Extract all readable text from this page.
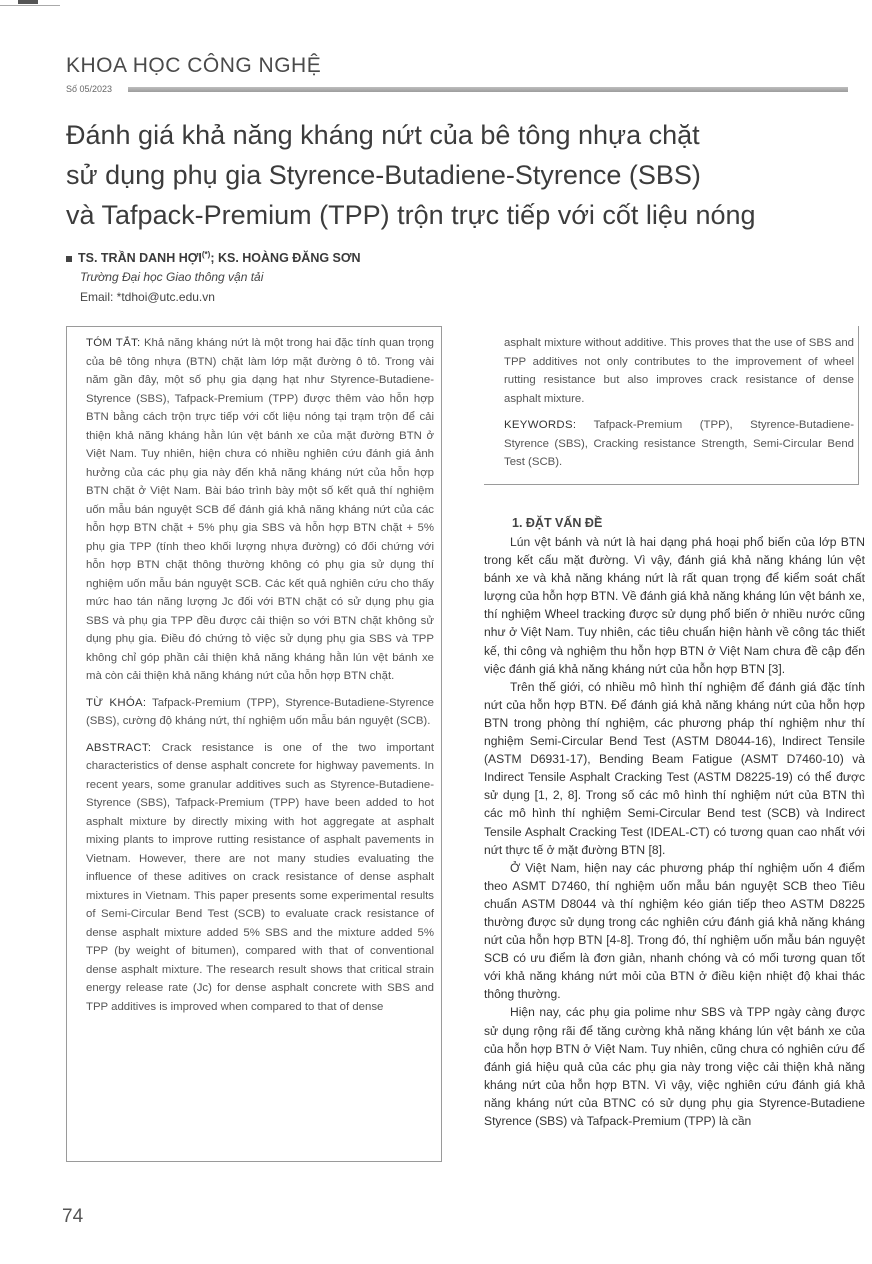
KHOA HỌC CÔNG NGHỆ
Số 05/2023
Đánh giá khả năng kháng nứt của bê tông nhựa chặt
sử dụng phụ gia Styrence-Butadiene-Styrence (SBS)
và Tafpack-Premium (TPP) trộn trực tiếp với cốt liệu nóng
TS. TRẦN DANH HỢI(*); KS. HOÀNG ĐĂNG SƠN
Trường Đại học Giao thông vận tải
Email: *tdhoi@utc.edu.vn

TÓM TẮT: Khả năng kháng nứt là một trong hai đặc tính quan trọng của bê tông nhựa (BTN) chặt làm lớp mặt đường ô tô. Trong vài năm gần đây, một số phụ gia dạng hạt như Styrence-Butadiene-Styrence (SBS), Tafpack-Premium (TPP) được thêm vào hỗn hợp BTN bằng cách trộn trực tiếp với cốt liệu nóng tại trạm trộn để cải thiện khả năng kháng hằn lún vệt bánh xe của mặt đường BTN ở Việt Nam. Tuy nhiên, hiện chưa có nhiều nghiên cứu đánh giá ảnh hưởng của các phụ gia này đến khả năng kháng nứt của hỗn hợp BTN chặt ở Việt Nam. Bài báo trình bày một số kết quả thí nghiệm uốn mẫu bán nguyệt SCB để đánh giá khả năng kháng nứt của các hỗn hợp BTN chặt + 5% phụ gia SBS và hỗn hợp BTN chặt + 5% phụ gia TPP (tính theo khối lượng nhựa đường) có đối chứng với hỗn hợp BTN chặt thông thường không có phụ gia sử dụng thí nghiệm uốn mẫu bán nguyệt SCB. Các kết quả nghiên cứu cho thấy mức hao tán năng lượng Jc đối với BTN chặt có sử dụng phụ gia SBS và phụ gia TPP đều được cải thiện so với BTN chặt không sử dụng phụ gia. Điều đó chứng tỏ việc sử dụng phụ gia SBS và TPP không chỉ góp phần cải thiện khả năng kháng hằn lún vệt bánh xe mà còn cải thiện khả năng kháng nứt của hỗn hợp BTN chặt.

TỪ KHÓA: Tafpack-Premium (TPP), Styrence-Butadiene-Styrence (SBS), cường độ kháng nứt, thí nghiệm uốn mẫu bán nguyệt (SCB).

ABSTRACT: Crack resistance is one of the two important characteristics of dense asphalt concrete for highway pavements. In recent years, some granular additives such as Styrence-Butadiene-Styrence (SBS), Tafpack-Premium (TPP) have been added to hot asphalt mixture by directly mixing with hot aggregate at asphalt mixing plants to improve rutting resistance of asphalt pavements in Vietnam. However, there are not many studies evaluating the influence of these aditives on crack resistance of dense asphalt mixtures in Vietnam. This paper presents some experimental results of Semi-Circular Bend Test (SCB) to evaluate crack resistance of dense asphalt mixture added 5% SBS and the mixture added 5% TPP (by weight of bitumen), compared with that of conventional dense asphalt mixture. The research result shows that critical strain energy release rate (Jc) for dense asphalt concrete with SBS and TPP additives is improved when compared to that of dense

asphalt mixture without additive. This proves that the use of SBS and TPP additives not only contributes to the improvement of wheel rutting resistance but also improves crack resistance of dense asphalt mixture.

KEYWORDS: Tafpack-Premium (TPP), Styrence-Butadiene-Styrence (SBS), Cracking resistance Strength, Semi-Circular Bend Test (SCB).

1. ĐẶT VẤN ĐỀ

Lún vệt bánh và nứt là hai dạng phá hoại phổ biến của lớp BTN trong kết cấu mặt đường. Vì vậy, đánh giá khả năng kháng lún vệt bánh xe và khả năng kháng nứt là rất quan trọng để kiểm soát chất lượng của hỗn hợp BTN. Về đánh giá khả năng kháng lún vệt bánh xe, thí nghiệm Wheel tracking được sử dụng phổ biến ở nhiều nước cũng như ở Việt Nam. Tuy nhiên, các tiêu chuẩn hiện hành về công tác thiết kế, thi công và nghiệm thu hỗn hợp BTN ở Việt Nam chưa đề cập đến việc đánh giá khả năng kháng nứt của hỗn hợp BTN [3].

Trên thế giới, có nhiều mô hình thí nghiệm để đánh giá đặc tính nứt của hỗn hợp BTN. Để đánh giá khả năng kháng nứt của hỗn hợp BTN trong phòng thí nghiệm, các phương pháp thí nghiệm như thí nghiệm Semi-Circular Bend Test (ASTM D8044-16), Indirect Tensile (ASTM D6931-17), Bending Beam Fatigue (ASMT D7460-10) và Indirect Tensile Asphalt Cracking Test (ASTM D8225-19) có thể được sử dụng [1, 2, 8]. Trong số các mô hình thí nghiệm nứt của BTN thì các mô hình thí nghiệm Semi-Circular Bend test (SCB) và Indirect Tensile Asphalt Cracking Test (IDEAL-CT) có tương quan cao nhất với nứt thực tế ở mặt đường BTN [8].

Ở Việt Nam, hiện nay các phương pháp thí nghiệm uốn 4 điểm theo ASMT D7460, thí nghiệm uốn mẫu bán nguyệt SCB theo Tiêu chuẩn ASTM D8044 và thí nghiệm kéo gián tiếp theo ASTM D8225 thường được sử dụng trong các nghiên cứu đánh giá khả năng kháng nứt của hỗn hợp BTN [4-8]. Trong đó, thí nghiệm uốn mẫu bán nguyệt SCB có ưu điểm là đơn giản, nhanh chóng và có mối tương quan tốt với khả năng kháng nứt mỏi của BTN ở điều kiện nhiệt độ khai thác thông thường.

Hiện nay, các phụ gia polime như SBS và TPP ngày càng được sử dụng rộng rãi để tăng cường khả năng kháng lún vệt bánh xe của của hỗn hợp BTN ở Việt Nam. Tuy nhiên, cũng chưa có nghiên cứu để đánh giá hiệu quả của các phụ gia này trong việc cải thiện khả năng kháng nứt của hỗn hợp BTN. Vì vậy, việc nghiên cứu đánh giá khả năng kháng nứt của BTNC có sử dụng phụ gia Styrence-Butadiene Styrence (SBS) và Tafpack-Premium (TPP) là cần

74
